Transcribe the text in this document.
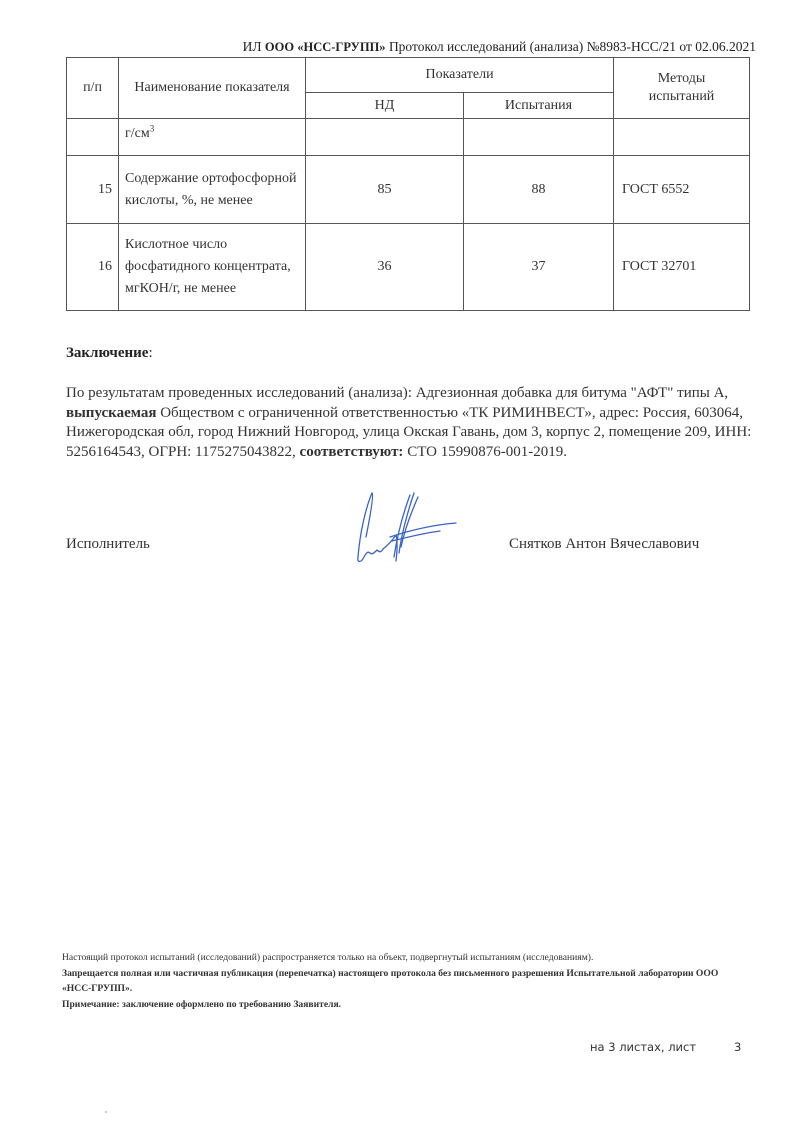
ИЛ ООО «НСС-ГРУПП» Протокол исследований (анализа) №8983-НСС/21 от 02.06.2021
п/п	Наименование показателя	Показатели		Методы испытаний
		НД	Испытания	
	$г/см^3$			
15	Содержание ортофосфорной кислоты, %, не менее	85	88	ГОСТ 6552
16	Кислотное число фосфатидного концентрата, мгКОН/г, не менее	36	37	ГОСТ 32701
Заключение:
По результатам проведенных исследований (анализа): Адгезионная добавка для битума "АФТ" типы А, выпускаемая Обществом с ограниченной ответственностью «ТК РИМИНВЕСТ», адрес: Россия, 603064, Нижегородская обл, город Нижний Новгород, улица Окская Гавань, дом 3, корпус 2, помещение 209, ИНН: 5256164543, ОГРН: 1175275043822, соответствуют: СТО 15990876-001-2019.
Исполнитель	Снятков Антон Вячеславович
Настоящий протокол испытаний (исследований) распространяется только на объект, подвергнутый испытаниям (исследованиям).
Запрещается полная или частичная публикация (перепечатка) настоящего протокола без письменного разрешения Испытательной лаборатории ООО «НСС-ГРУПП».
Примечание: заключение оформлено по требованию Заявителя.
на 3 листах, лист	3
